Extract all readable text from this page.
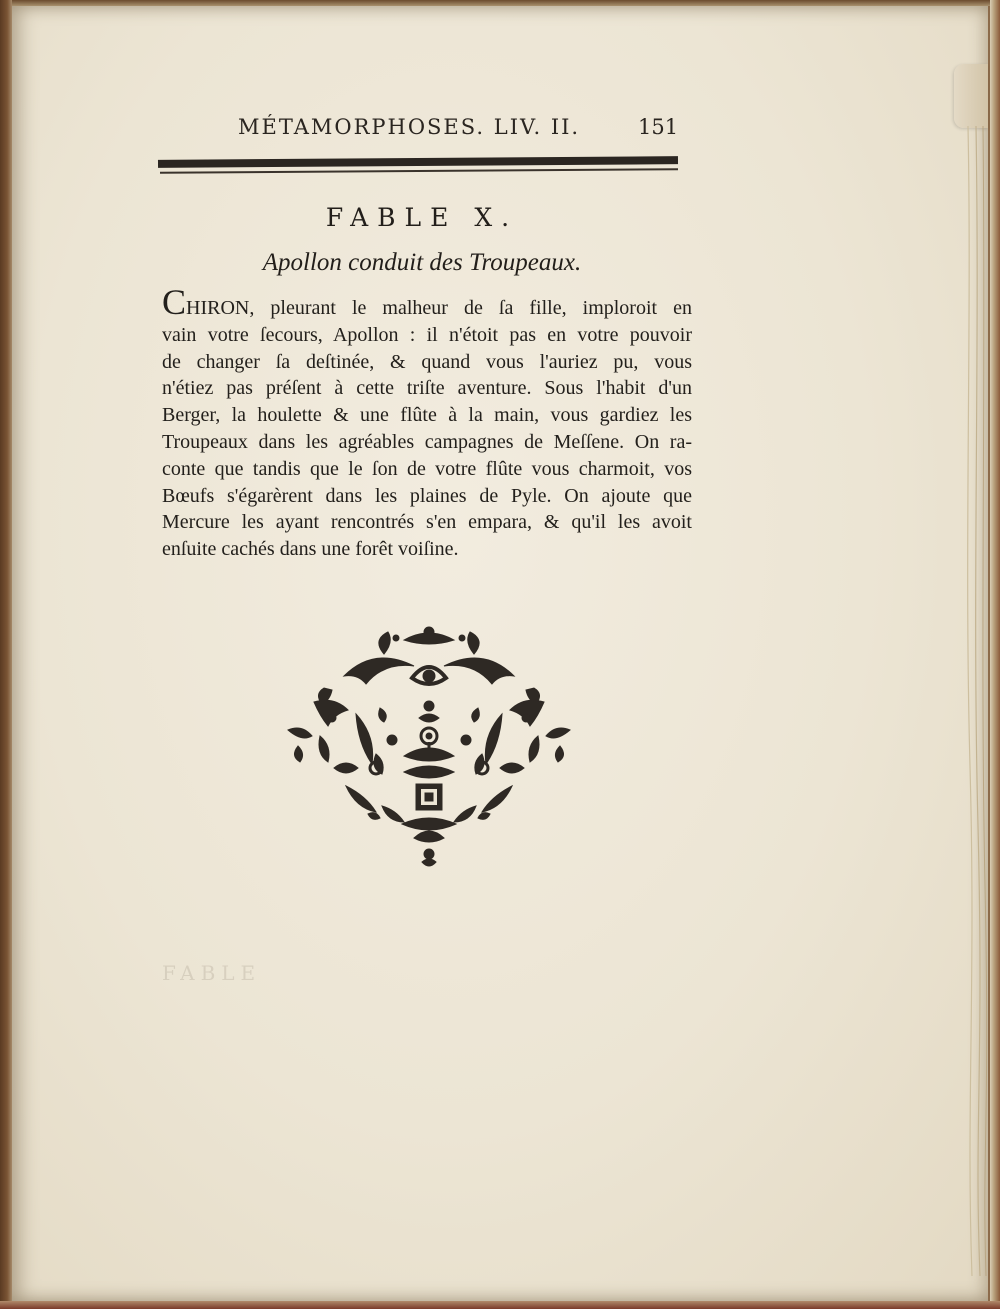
MÉTAMORPHOSES. LIV. II.	151
FABLE X.
Apollon conduit des Troupeaux.
CHIRON, pleurant le malheur de ſa fille, imploroit en
vain votre ſecours, Apollon : il n'étoit pas en votre pouvoir
de changer ſa deſtinée, & quand vous l'auriez pu, vous
n'étiez pas préſent à cette triſte aventure. Sous l'habit d'un
Berger, la houlette & une flûte à la main, vous gardiez les
Troupeaux dans les agréables campagnes de Meſſene. On ra-
conte que tandis que le ſon de votre flûte vous charmoit, vos
Bœufs s'égarèrent dans les plaines de Pyle. On ajoute que
Mercure les ayant rencontrés s'en empara, & qu'il les avoit
enſuite cachés dans une forêt voiſine.
FABLE
